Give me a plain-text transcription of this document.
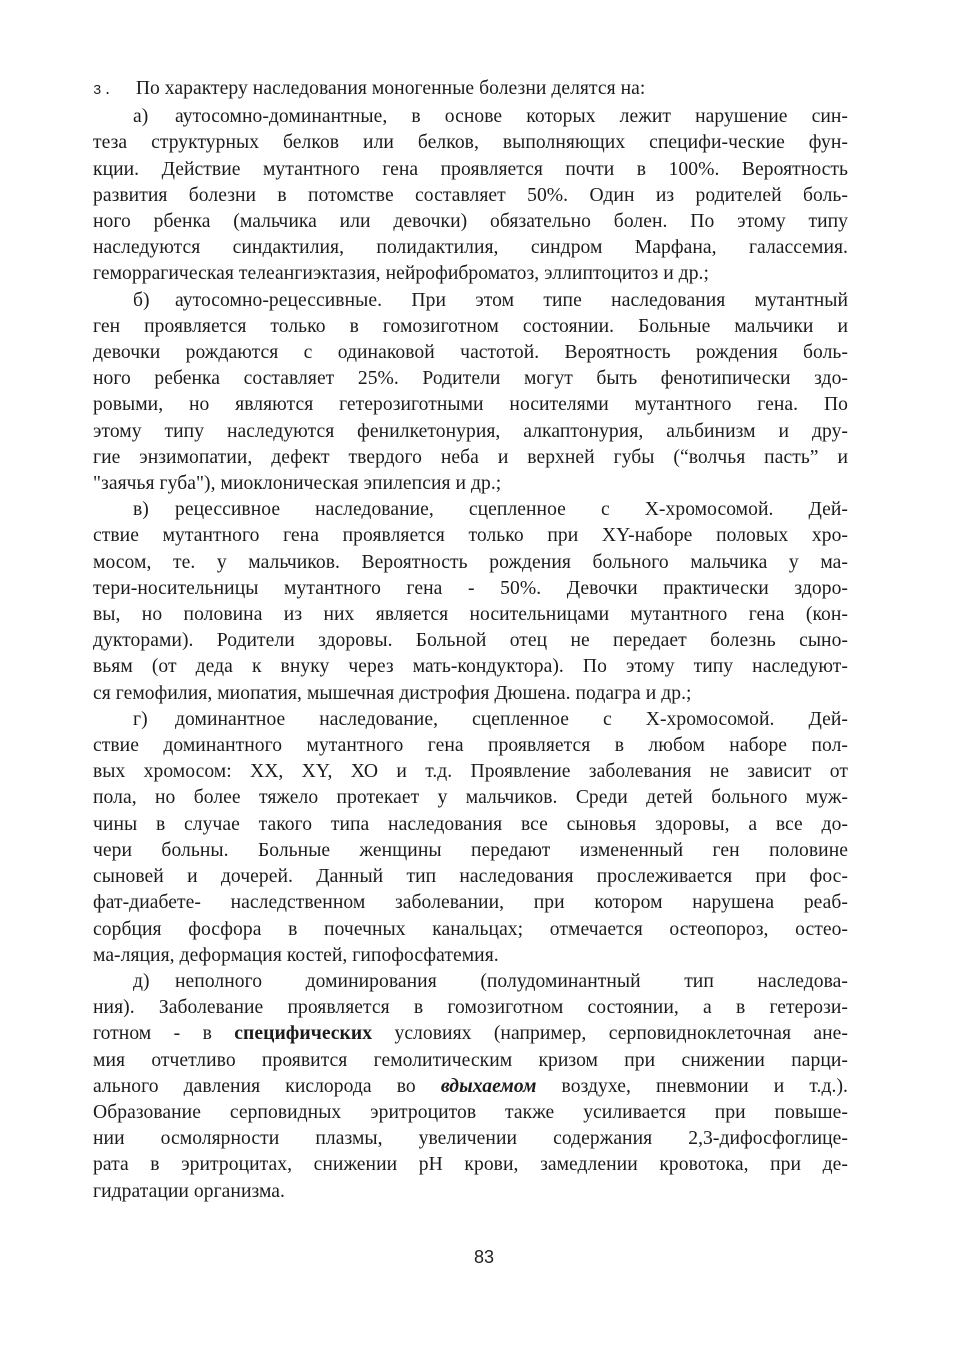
3. По характеру наследования моногенные болезни делятся на:
а) аутосомно-доминантные, в основе которых лежит нарушение син-
теза структурных белков или белков, выполняющих специфи-ческие фун-
кции. Действие мутантного гена проявляется почти в 100%. Вероятность
развития болезни в потомстве составляет 50%. Один из родителей боль-
ного рбенка (мальчика или девочки) обязательно болен. По этому типу
наследуются синдактилия, полидактилия, синдром Марфана, галассемия.
геморрагическая телеангиэктазия, нейрофиброматоз, эллиптоцитоз и др.;
б) аутосомно-рецессивные. При этом типе наследования мутантный
ген проявляется только в гомозиготном состоянии. Больные мальчики и
девочки рождаются с одинаковой частотой. Вероятность рождения боль-
ного ребенка составляет 25%. Родители могут быть фенотипически здо-
ровыми, но являются гетерозиготными носителями мутантного гена. По
этому типу наследуются фенилкетонурия, алкаптонурия, альбинизм и дру-
гие энзимопатии, дефект твердого неба и верхней губы (“волчья пасть” и
"заячья губа"), миоклоническая эпилепсия и др.;
в) рецессивное наследование, сцепленное с Х-хромосомой. Дей-
ствие мутантного гена проявляется только при XY-наборе половых хро-
мосом, те. у мальчиков. Вероятность рождения больного мальчика у ма-
тери-носительницы мутантного гена - 50%. Девочки практически здоро-
вы, но половина из них является носительницами мутантного гена (кон-
дукторами). Родители здоровы. Больной отец не передает болезнь сыно-
вьям (от деда к внуку через мать-кондуктора). По этому типу наследуют-
ся гемофилия, миопатия, мышечная дистрофия Дюшена. подагра и др.;
г) доминантное наследование, сцепленное с Х-хромосомой. Дей-
ствие доминантного мутантного гена проявляется в любом наборе пол-
вых хромосом: XX, XY, ХО и т.д. Проявление заболевания не зависит от
пола, но более тяжело протекает у мальчиков. Среди детей больного муж-
чины в случае такого типа наследования все сыновья здоровы, а все до-
чери больны. Больные женщины передают измененный ген половине
сыновей и дочерей. Данный тип наследования прослеживается при фос-
фат-диабете- наследственном заболевании, при котором нарушена реаб-
сорбция фосфора в почечных канальцах; отмечается остеопороз, остео-
ма-ляция, деформация костей, гипофосфатемия.
д) неполного доминирования (полудоминантный тип наследова-
ния). Заболевание проявляется в гомозиготном состоянии, а в гетерози-
готном - в специфических условиях (например, серповидноклеточная ане-
мия отчетливо проявится гемолитическим кризом при снижении парци-
ального давления кислорода во вдыхаемом воздухе, пневмонии и т.д.).
Образование серповидных эритроцитов также усиливается при повыше-
нии осмолярности плазмы, увеличении содержания 2,3-дифосфоглице-
рата в эритроцитах, снижении pH крови, замедлении кровотока, при де-
гидратации организма.
83
